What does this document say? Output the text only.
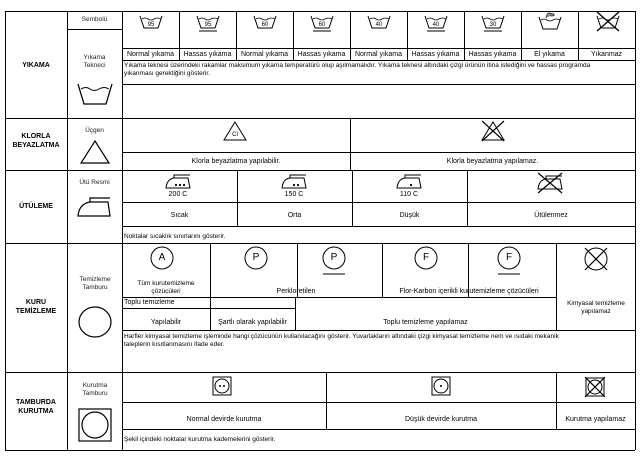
YIKAMA
Sembolü
Yıkama Tekneci
95	95	60	60	40	40	30
Normal yıkama	Hassas yıkama	Normal yıkama	Hassas yıkama	Normal yıkama	Hassas yıkama	Hassas yıkama	El yıkama	Yıkanmaz
Yıkama teknesi üzerindeki rakamlar maksimum yıkama temperatürü olup aşılmamalıdır. Yıkama teknesi altındaki çizgi ürünün itina istediğini ve hassas programda yıkanması gerektiğini gösterir.
KLORLA BEYAZLATMA
Üçgen
Cl
Klorla beyazlatma yapılabilir.	Klorla beyazlatma yapılamaz.
ÜTÜLEME
Ütü Resmi
200 C	150 C	110 C
Sıcak	Orta	Düşük	Ütülenmez
Noktalar sıcaklık sınırlarını gösterir.
KURU TEMİZLEME
Temizleme Tamburu
A	P	P	F	F
Tüm kurutemizleme çözücüleri	Perkloretilen	Flor-Karbon içerikli kurutemizleme çözücüleri
Kimyasal temizleme yapılamaz
Toplu temizleme
Yapılabilir	Şartlı olarak yapılabilir	Toplu temizleme yapılamaz
Harfler kimyasal temizleme işleminde hangi çözücünün kullanılacağını gösterir. Yuvarlakların altındaki çizgi kimyasal temizleme nem ve ısıdaki mekanik taleplerin kısıtlanmasını ifade eder.
TAMBURDA KURUTMA
Kurutma Tamburu
Normal devirde kurutma	Düşük devirde kurutma	Kurutma yapılamaz
Şekil içindeki noktalar kurutma kademelerini gösterir.
